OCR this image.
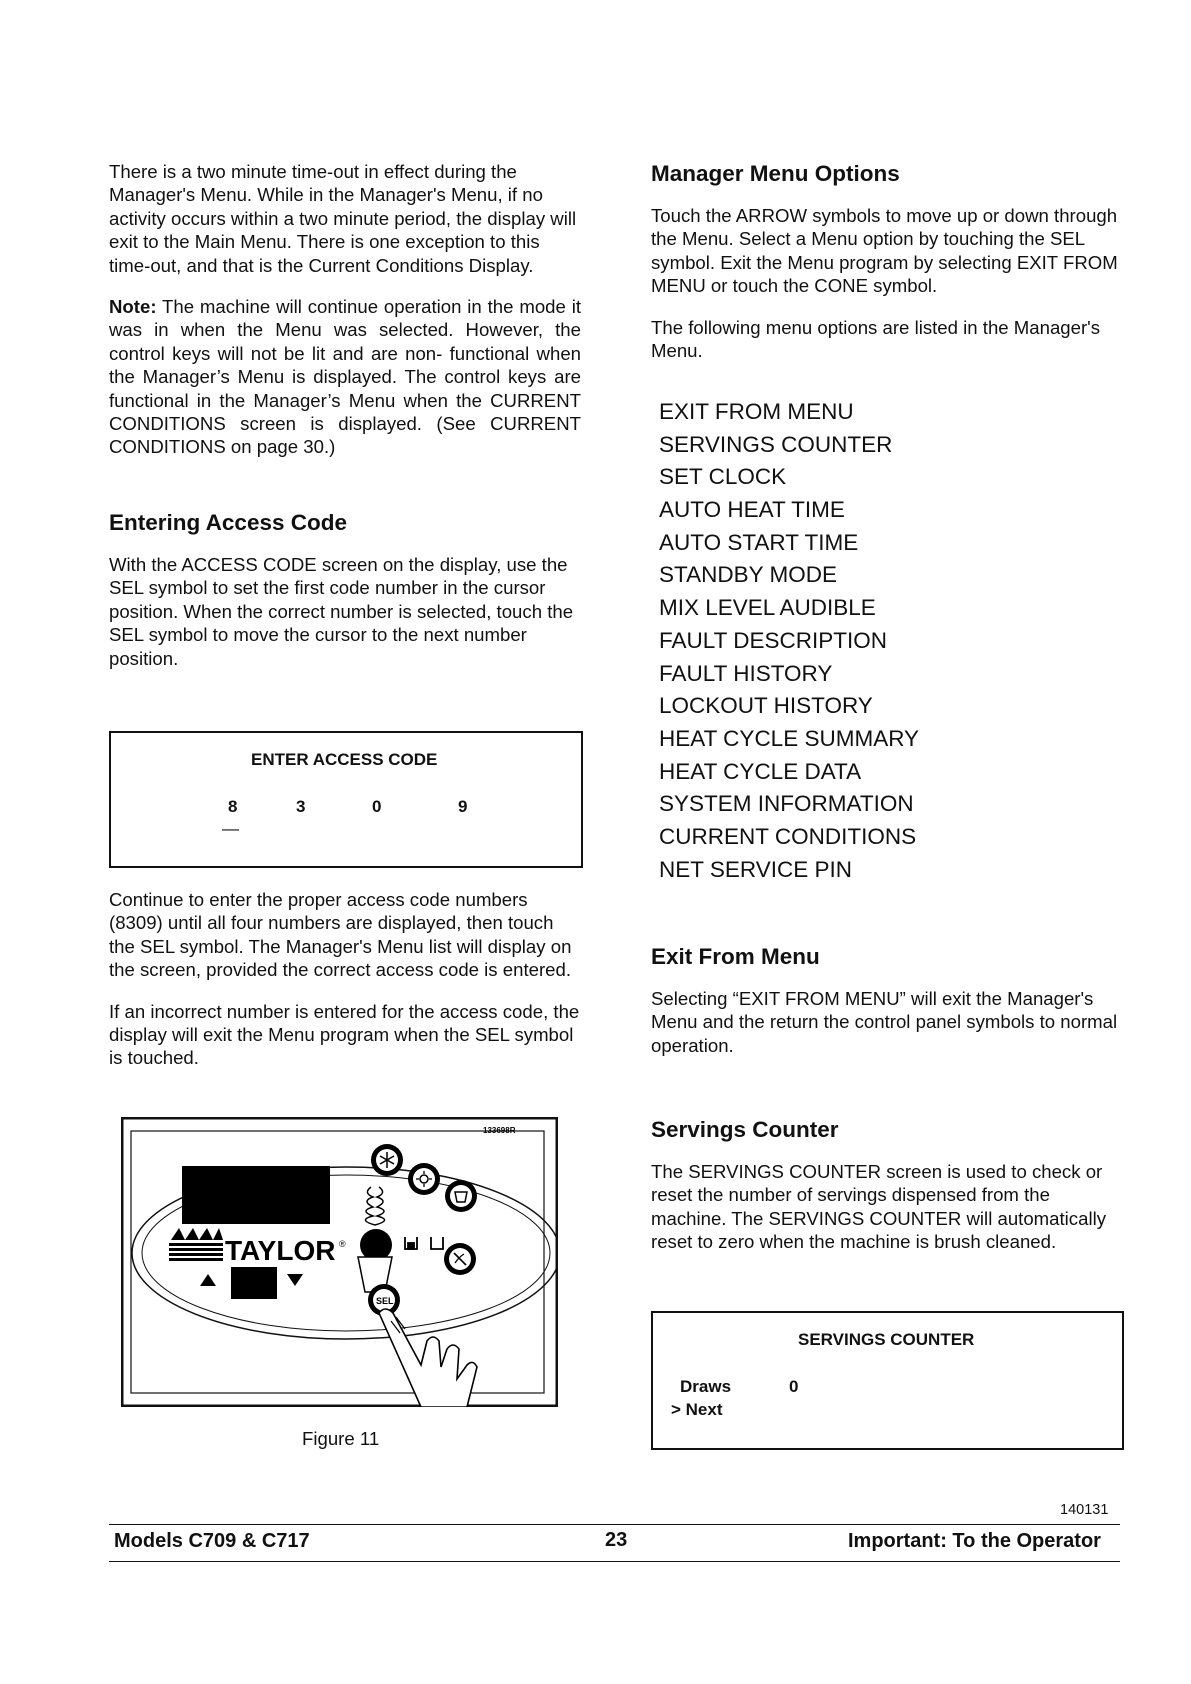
There is a two minute time-out in effect during the Manager's Menu. While in the Manager's Menu, if no activity occurs within a two minute period, the display will exit to the Main Menu. There is one exception to this time-out, and that is the Current Conditions Display.

Note: The machine will continue operation in the mode it was in when the Menu was selected. However, the control keys will not be lit and are non- functional when the Manager’s Menu is displayed. The control keys are functional in the Manager’s Menu when the CURRENT CONDITIONS screen is displayed. (See CURRENT CONDITIONS on page 30.)

Entering Access Code

With the ACCESS CODE screen on the display, use the SEL symbol to set the first code number in the cursor position. When the correct number is selected, touch the SEL symbol to move the cursor to the next number position.

ENTER ACCESS CODE
8	3	0	9
—

Continue to enter the proper access code numbers (8309) until all four numbers are displayed, then touch the SEL symbol. The Manager's Menu list will display on the screen, provided the correct access code is entered.

If an incorrect number is entered for the access code, the display will exit the Menu program when the SEL symbol is touched.

TAYLOR ®
SEL
133698R
Figure 11
Manager Menu Options

Touch the ARROW symbols to move up or down through the Menu. Select a Menu option by touching the SEL symbol. Exit the Menu program by selecting EXIT FROM MENU or touch the CONE symbol.

The following menu options are listed in the Manager's Menu.

EXIT FROM MENU
SERVINGS COUNTER
SET CLOCK
AUTO HEAT TIME
AUTO START TIME
STANDBY MODE
MIX LEVEL AUDIBLE
FAULT DESCRIPTION
FAULT HISTORY
LOCKOUT HISTORY
HEAT CYCLE SUMMARY
HEAT CYCLE DATA
SYSTEM INFORMATION
CURRENT CONDITIONS
NET SERVICE PIN
Exit From Menu

Selecting “EXIT FROM MENU” will exit the Manager's Menu and the return the control panel symbols to normal operation.

Servings Counter

The SERVINGS COUNTER screen is used to check or reset the number of servings dispensed from the machine. The SERVINGS COUNTER will automatically reset to zero when the machine is brush cleaned.

SERVINGS COUNTER
Draws	0
> Next
140131
Models C709 & C717	23	Important: To the Operator
